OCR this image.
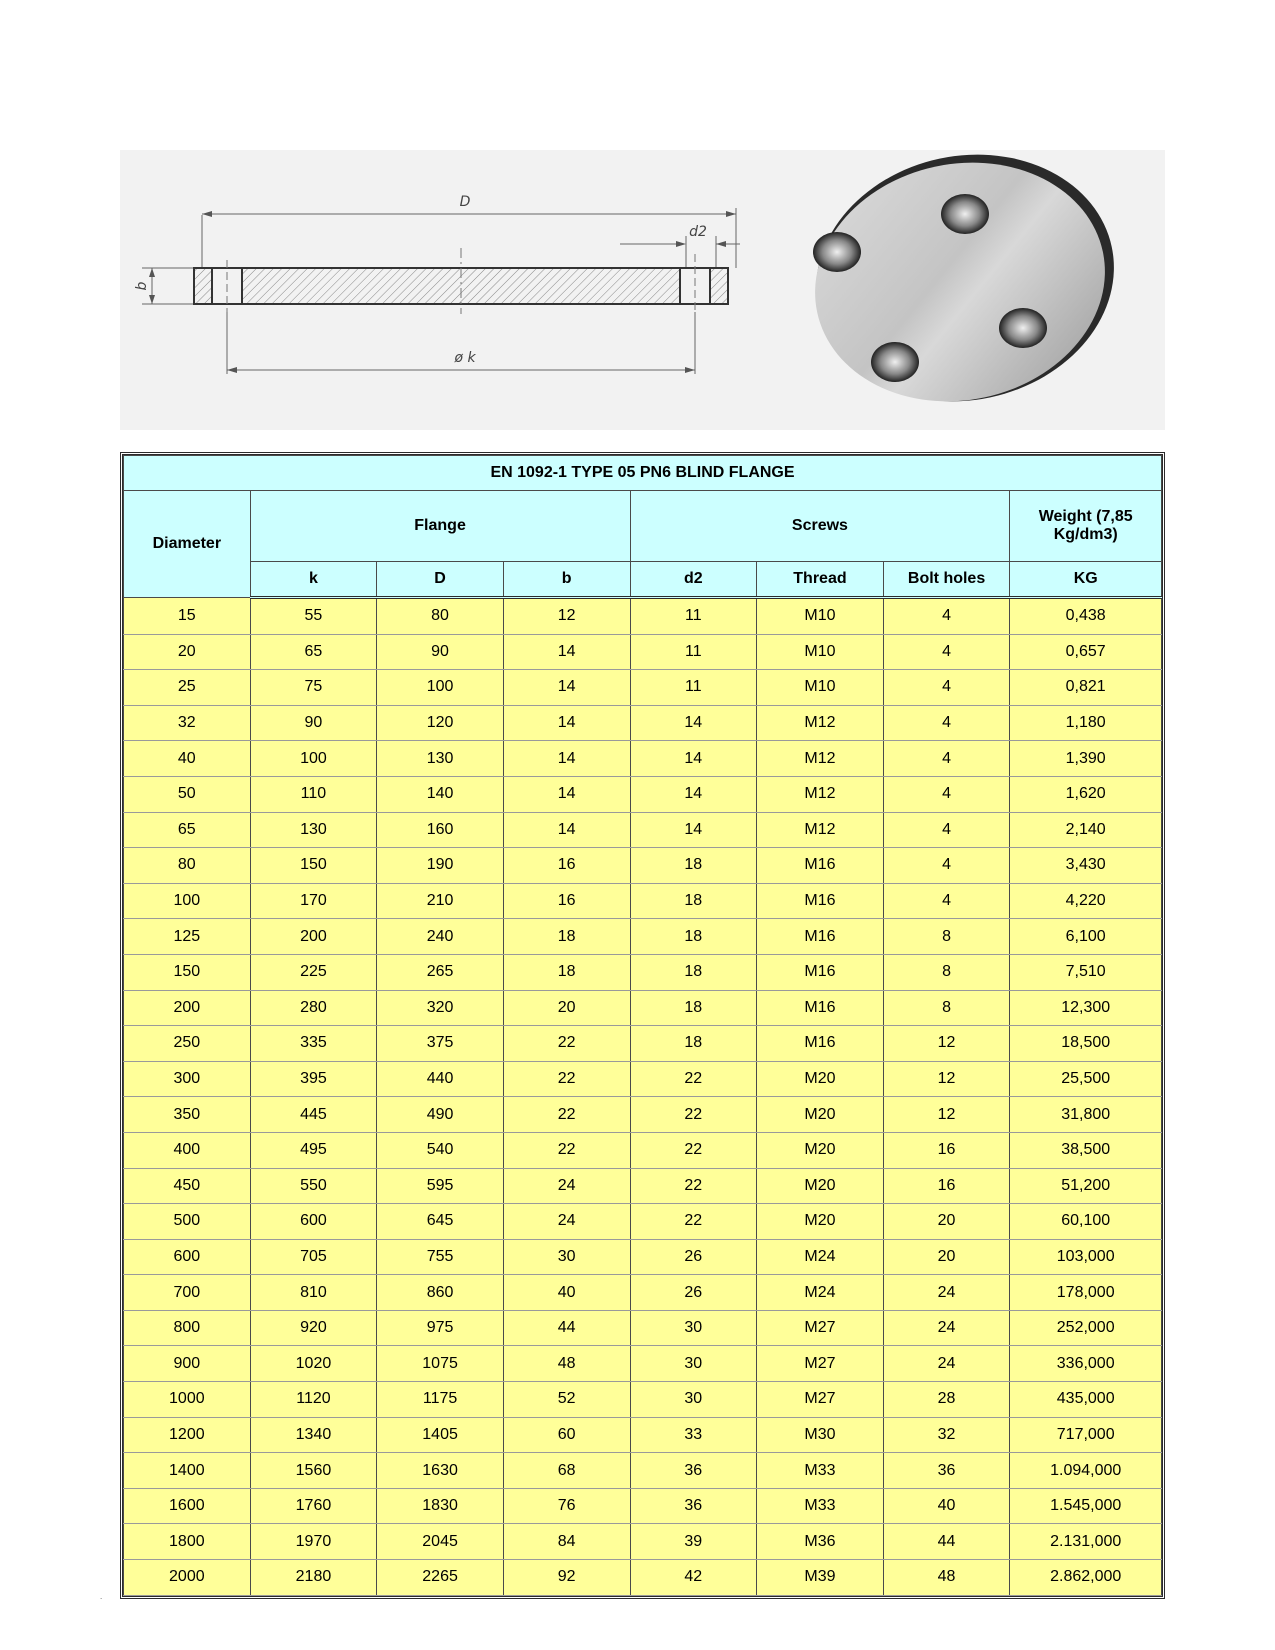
D
d2
b
ø k
EN 1092-1 TYPE 05 PN6 BLIND FLANGE							
Diameter	Flange			Screws			Weight (7,85 Kg/dm3)
	k	D	b	d2	Thread	Bolt holes	KG
15	55	80	12	11	M10	4	0,438
20	65	90	14	11	M10	4	0,657
25	75	100	14	11	M10	4	0,821
32	90	120	14	14	M12	4	1,180
40	100	130	14	14	M12	4	1,390
50	110	140	14	14	M12	4	1,620
65	130	160	14	14	M12	4	2,140
80	150	190	16	18	M16	4	3,430
100	170	210	16	18	M16	4	4,220
125	200	240	18	18	M16	8	6,100
150	225	265	18	18	M16	8	7,510
200	280	320	20	18	M16	8	12,300
250	335	375	22	18	M16	12	18,500
300	395	440	22	22	M20	12	25,500
350	445	490	22	22	M20	12	31,800
400	495	540	22	22	M20	16	38,500
450	550	595	24	22	M20	16	51,200
500	600	645	24	22	M20	20	60,100
600	705	755	30	26	M24	20	103,000
700	810	860	40	26	M24	24	178,000
800	920	975	44	30	M27	24	252,000
900	1020	1075	48	30	M27	24	336,000
1000	1120	1175	52	30	M27	28	435,000
1200	1340	1405	60	33	M30	32	717,000
1400	1560	1630	68	36	M33	36	1.094,000
1600	1760	1830	76	36	M33	40	1.545,000
1800	1970	2045	84	39	M36	44	2.131,000
2000	2180	2265	92	42	M39	48	2.862,000
.
